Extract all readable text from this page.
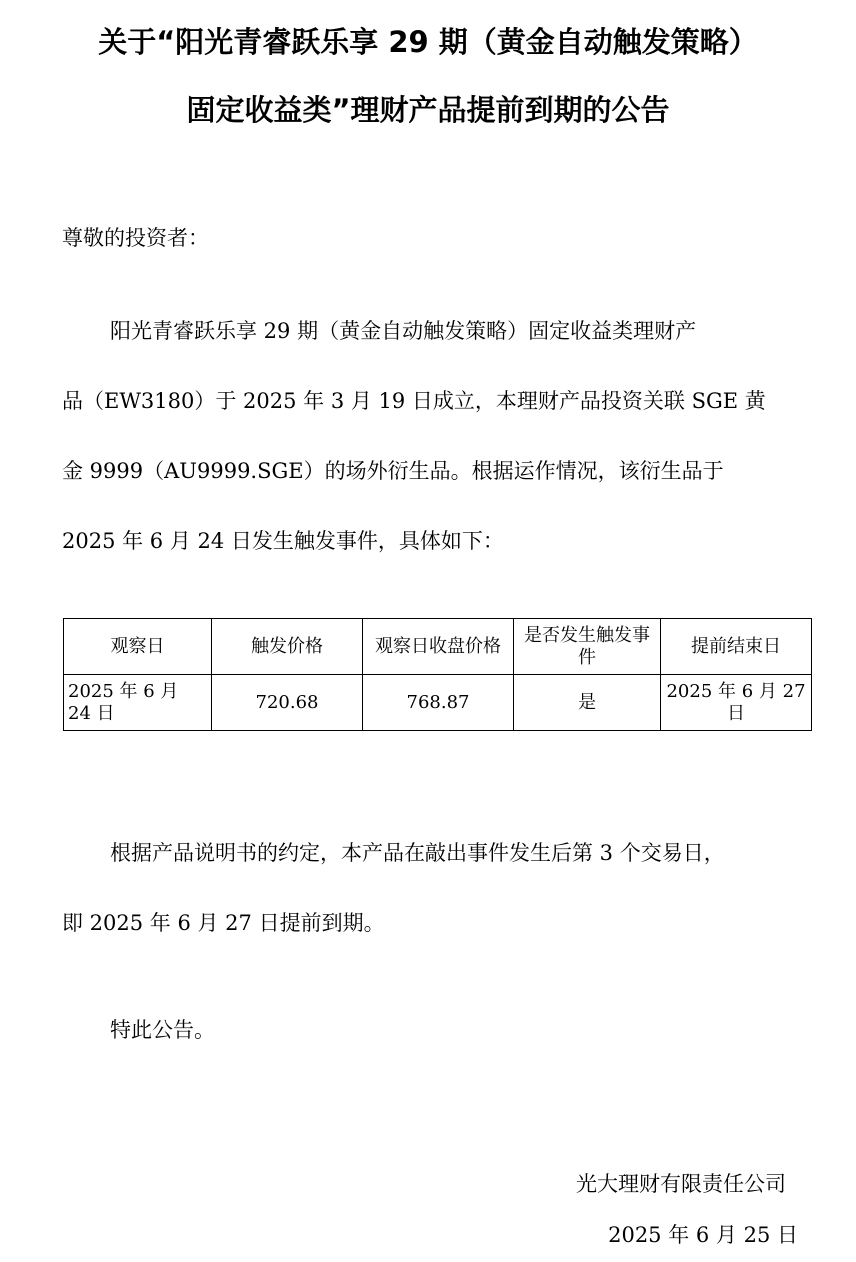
关于“阳光青睿跃乐享 29 期（黄金自动触发策略）
固定收益类”理财产品提前到期的公告
尊敬的投资者：
阳光青睿跃乐享 29 期（黄金自动触发策略）固定收益类理财产
品（EW3180）于 2025 年 3 月 19 日成立，本理财产品投资关联 SGE 黄
金 9999（AU9999.SGE）的场外衍生品。根据运作情况，该衍生品于
2025 年 6 月 24 日发生触发事件，具体如下：
观察日	触发价格	观察日收盘价格	是否发生触发事件	提前结束日
2025 年 6 月 24 日	720.68	768.87	是	2025 年 6 月 27 日
根据产品说明书的约定，本产品在敲出事件发生后第 3 个交易日，
即 2025 年 6 月 27 日提前到期。
特此公告。
光大理财有限责任公司
2025 年 6 月 25 日
